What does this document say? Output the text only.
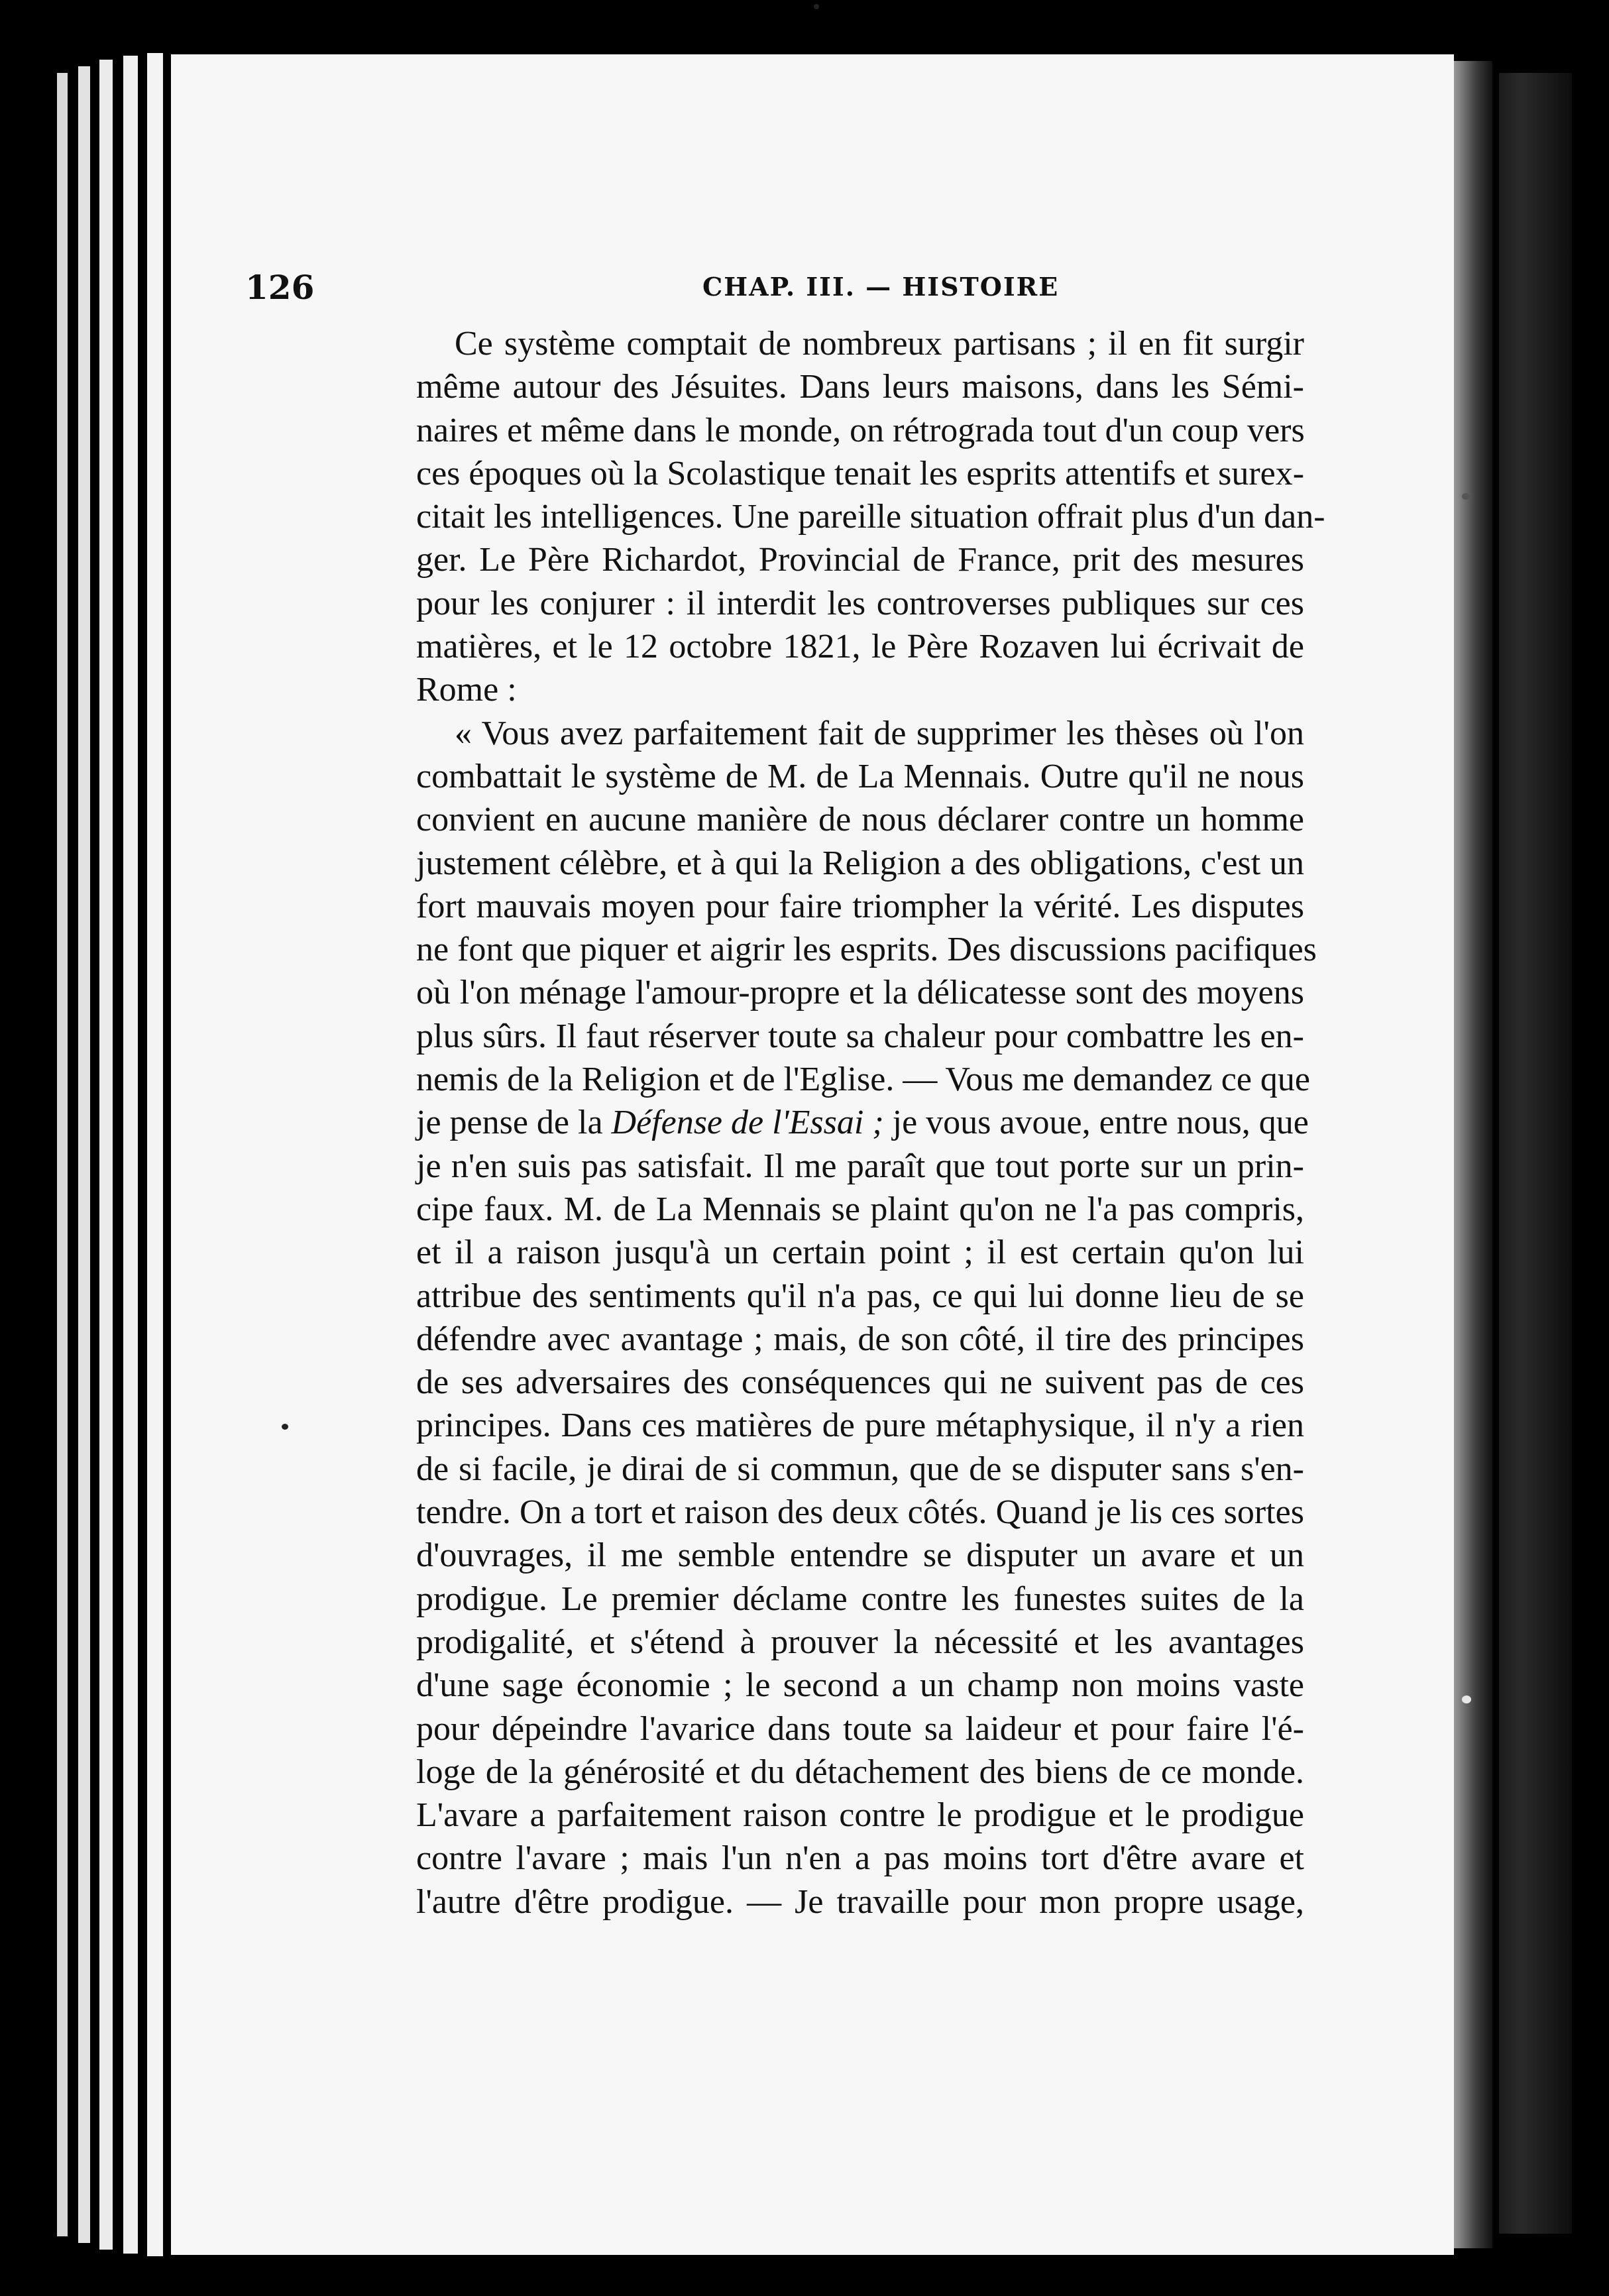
126	CHAP. III. — HISTOIRE
Ce système comptait de nombreux partisans ; il en fit surgir
même autour des Jésuites. Dans leurs maisons, dans les Sémi-
naires et même dans le monde, on rétrograda tout d'un coup vers
ces époques où la Scolastique tenait les esprits attentifs et surex-
citait les intelligences. Une pareille situation offrait plus d'un dan-
ger. Le Père Richardot, Provincial de France, prit des mesures
pour les conjurer : il interdit les controverses publiques sur ces
matières, et le 12 octobre 1821, le Père Rozaven lui écrivait de
Rome :
« Vous avez parfaitement fait de supprimer les thèses où l'on
combattait le système de M. de La Mennais. Outre qu'il ne nous
convient en aucune manière de nous déclarer contre un homme
justement célèbre, et à qui la Religion a des obligations, c'est un
fort mauvais moyen pour faire triompher la vérité. Les disputes
ne font que piquer et aigrir les esprits. Des discussions pacifiques
où l'on ménage l'amour-propre et la délicatesse sont des moyens
plus sûrs. Il faut réserver toute sa chaleur pour combattre les en-
nemis de la Religion et de l'Eglise. — Vous me demandez ce que
je pense de la Défense de l'Essai ; je vous avoue, entre nous, que
je n'en suis pas satisfait. Il me paraît que tout porte sur un prin-
cipe faux. M. de La Mennais se plaint qu'on ne l'a pas compris,
et il a raison jusqu'à un certain point ; il est certain qu'on lui
attribue des sentiments qu'il n'a pas, ce qui lui donne lieu de se
défendre avec avantage ; mais, de son côté, il tire des principes
de ses adversaires des conséquences qui ne suivent pas de ces
principes. Dans ces matières de pure métaphysique, il n'y a rien
de si facile, je dirai de si commun, que de se disputer sans s'en-
tendre. On a tort et raison des deux côtés. Quand je lis ces sortes
d'ouvrages, il me semble entendre se disputer un avare et un
prodigue. Le premier déclame contre les funestes suites de la
prodigalité, et s'étend à prouver la nécessité et les avantages
d'une sage économie ; le second a un champ non moins vaste
pour dépeindre l'avarice dans toute sa laideur et pour faire l'é-
loge de la générosité et du détachement des biens de ce monde.
L'avare a parfaitement raison contre le prodigue et le prodigue
contre l'avare ; mais l'un n'en a pas moins tort d'être avare et
l'autre d'être prodigue. — Je travaille pour mon propre usage,
